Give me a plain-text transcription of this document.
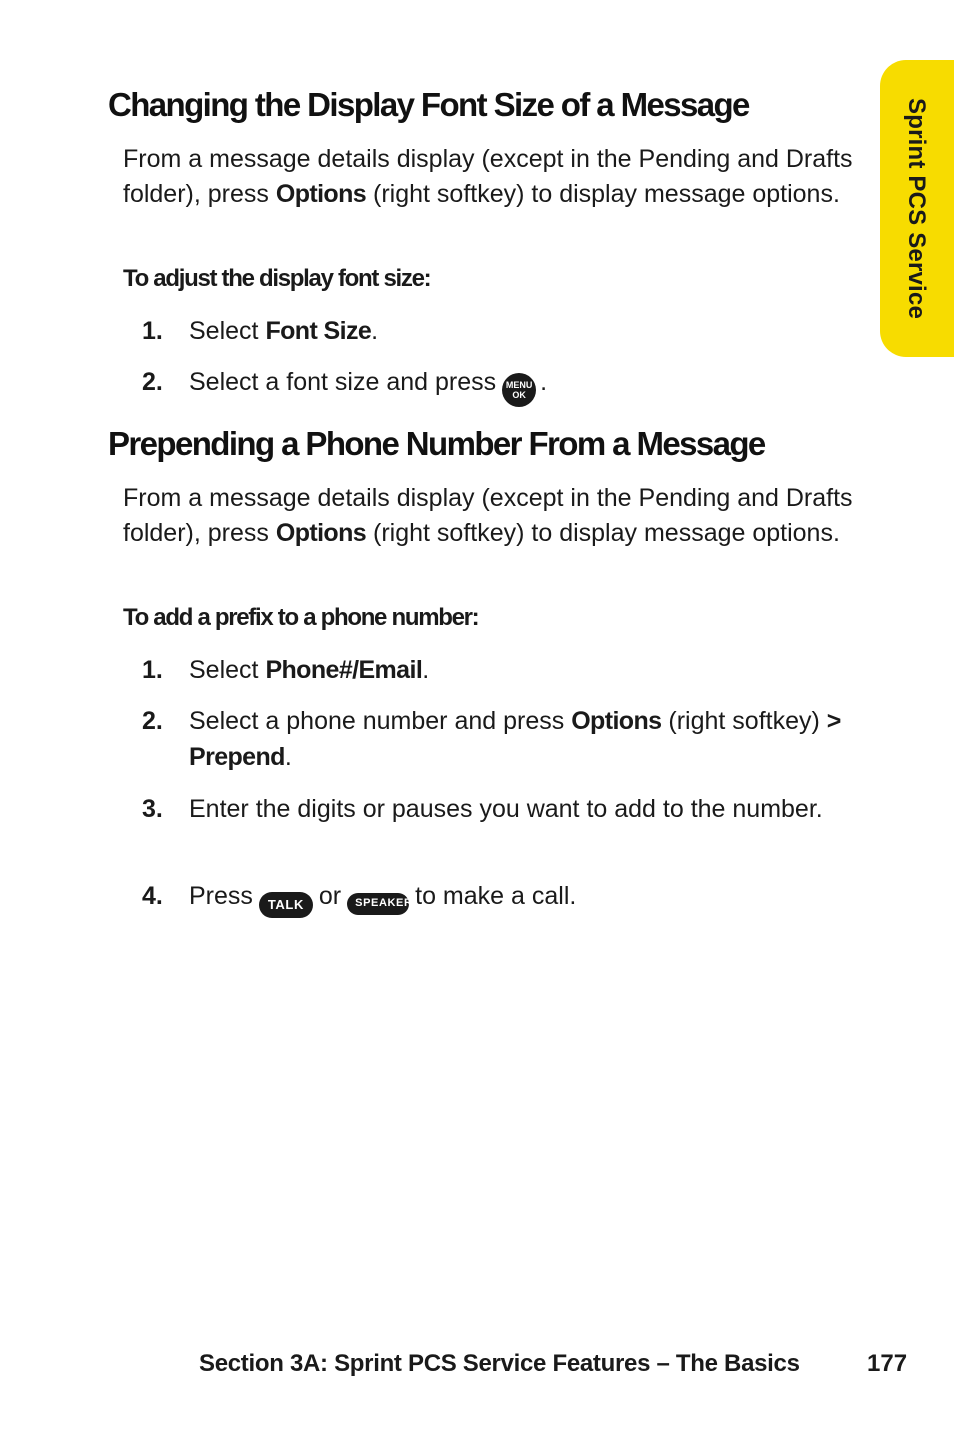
Sprint PCS Service
Changing the Display Font Size of a Message

From a message details display (except in the Pending and Drafts folder), press Options (right softkey) to display message options.

To adjust the display font size:

1. Select Font Size.
2. Select a font size and press	MENU
OK .
Prepending a Phone Number From a Message

From a message details display (except in the Pending and Drafts folder), press Options (right softkey) to display message options.

To add a prefix to a phone number:

1. Select Phone#/Email.
2. Select a phone number and press Options (right softkey) > Prepend.
3. Enter the digits or pauses you want to add to the number.
4. Press TALK or SPEAKER to make a call.
Section 3A: Sprint PCS Service Features – The Basics	177
